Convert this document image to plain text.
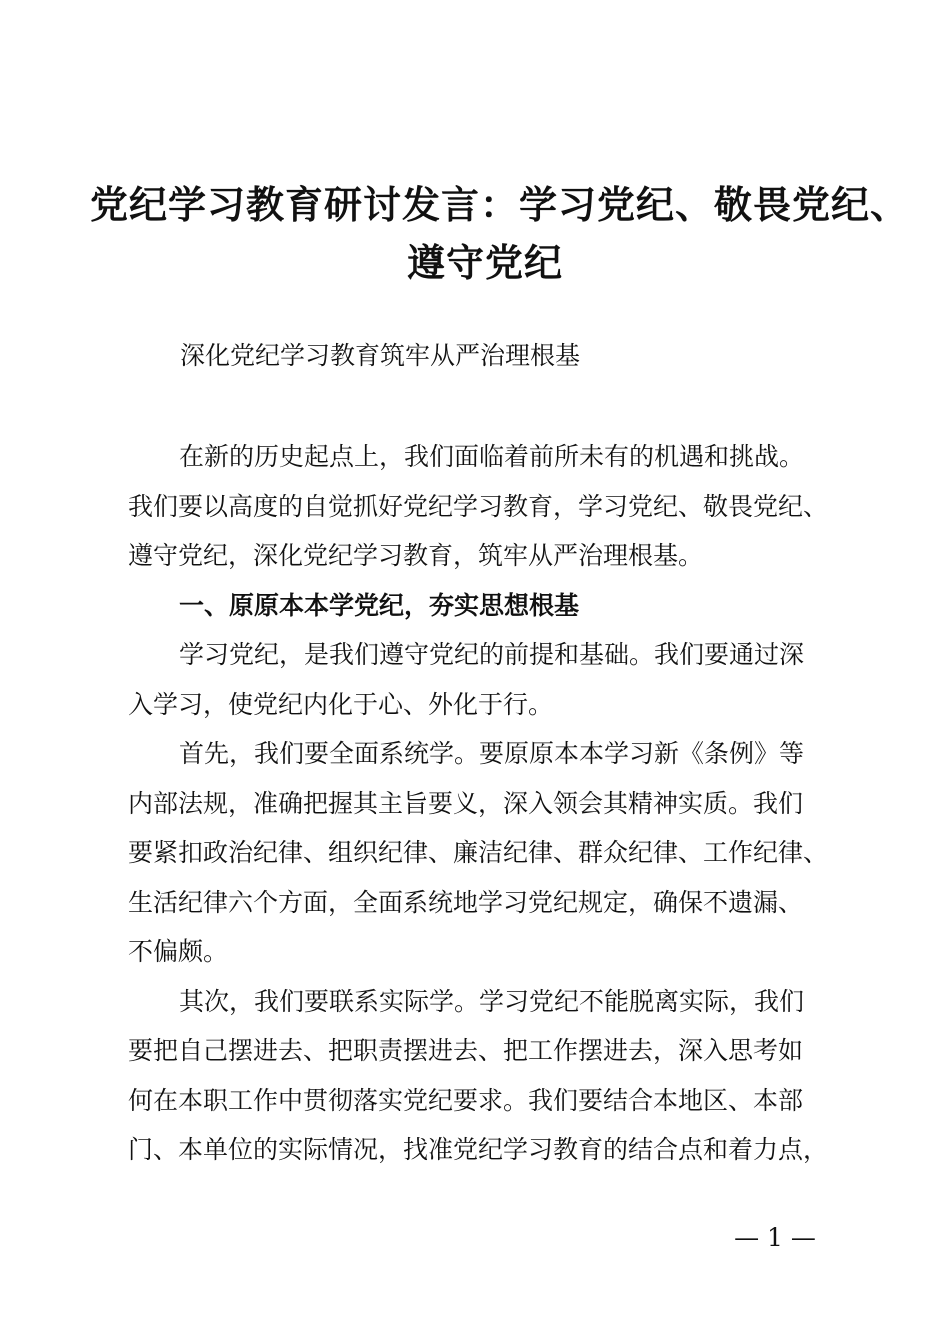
党纪学习教育研讨发言：学习党纪、敬畏党纪、
遵守党纪
深化党纪学习教育筑牢从严治理根基
在新的历史起点上，我们面临着前所未有的机遇和挑战。
我们要以高度的自觉抓好党纪学习教育，学习党纪、敬畏党纪、
遵守党纪，深化党纪学习教育，筑牢从严治理根基。
一、原原本本学党纪，夯实思想根基
学习党纪，是我们遵守党纪的前提和基础。我们要通过深
入学习，使党纪内化于心、外化于行。
首先，我们要全面系统学。要原原本本学习新《条例》等
内部法规，准确把握其主旨要义，深入领会其精神实质。我们
要紧扣政治纪律、组织纪律、廉洁纪律、群众纪律、工作纪律、
生活纪律六个方面，全面系统地学习党纪规定，确保不遗漏、
不偏颇。
其次，我们要联系实际学。学习党纪不能脱离实际，我们
要把自己摆进去、把职责摆进去、把工作摆进去，深入思考如
何在本职工作中贯彻落实党纪要求。我们要结合本地区、本部
门、本单位的实际情况，找准党纪学习教育的结合点和着力点，
— 1 —
